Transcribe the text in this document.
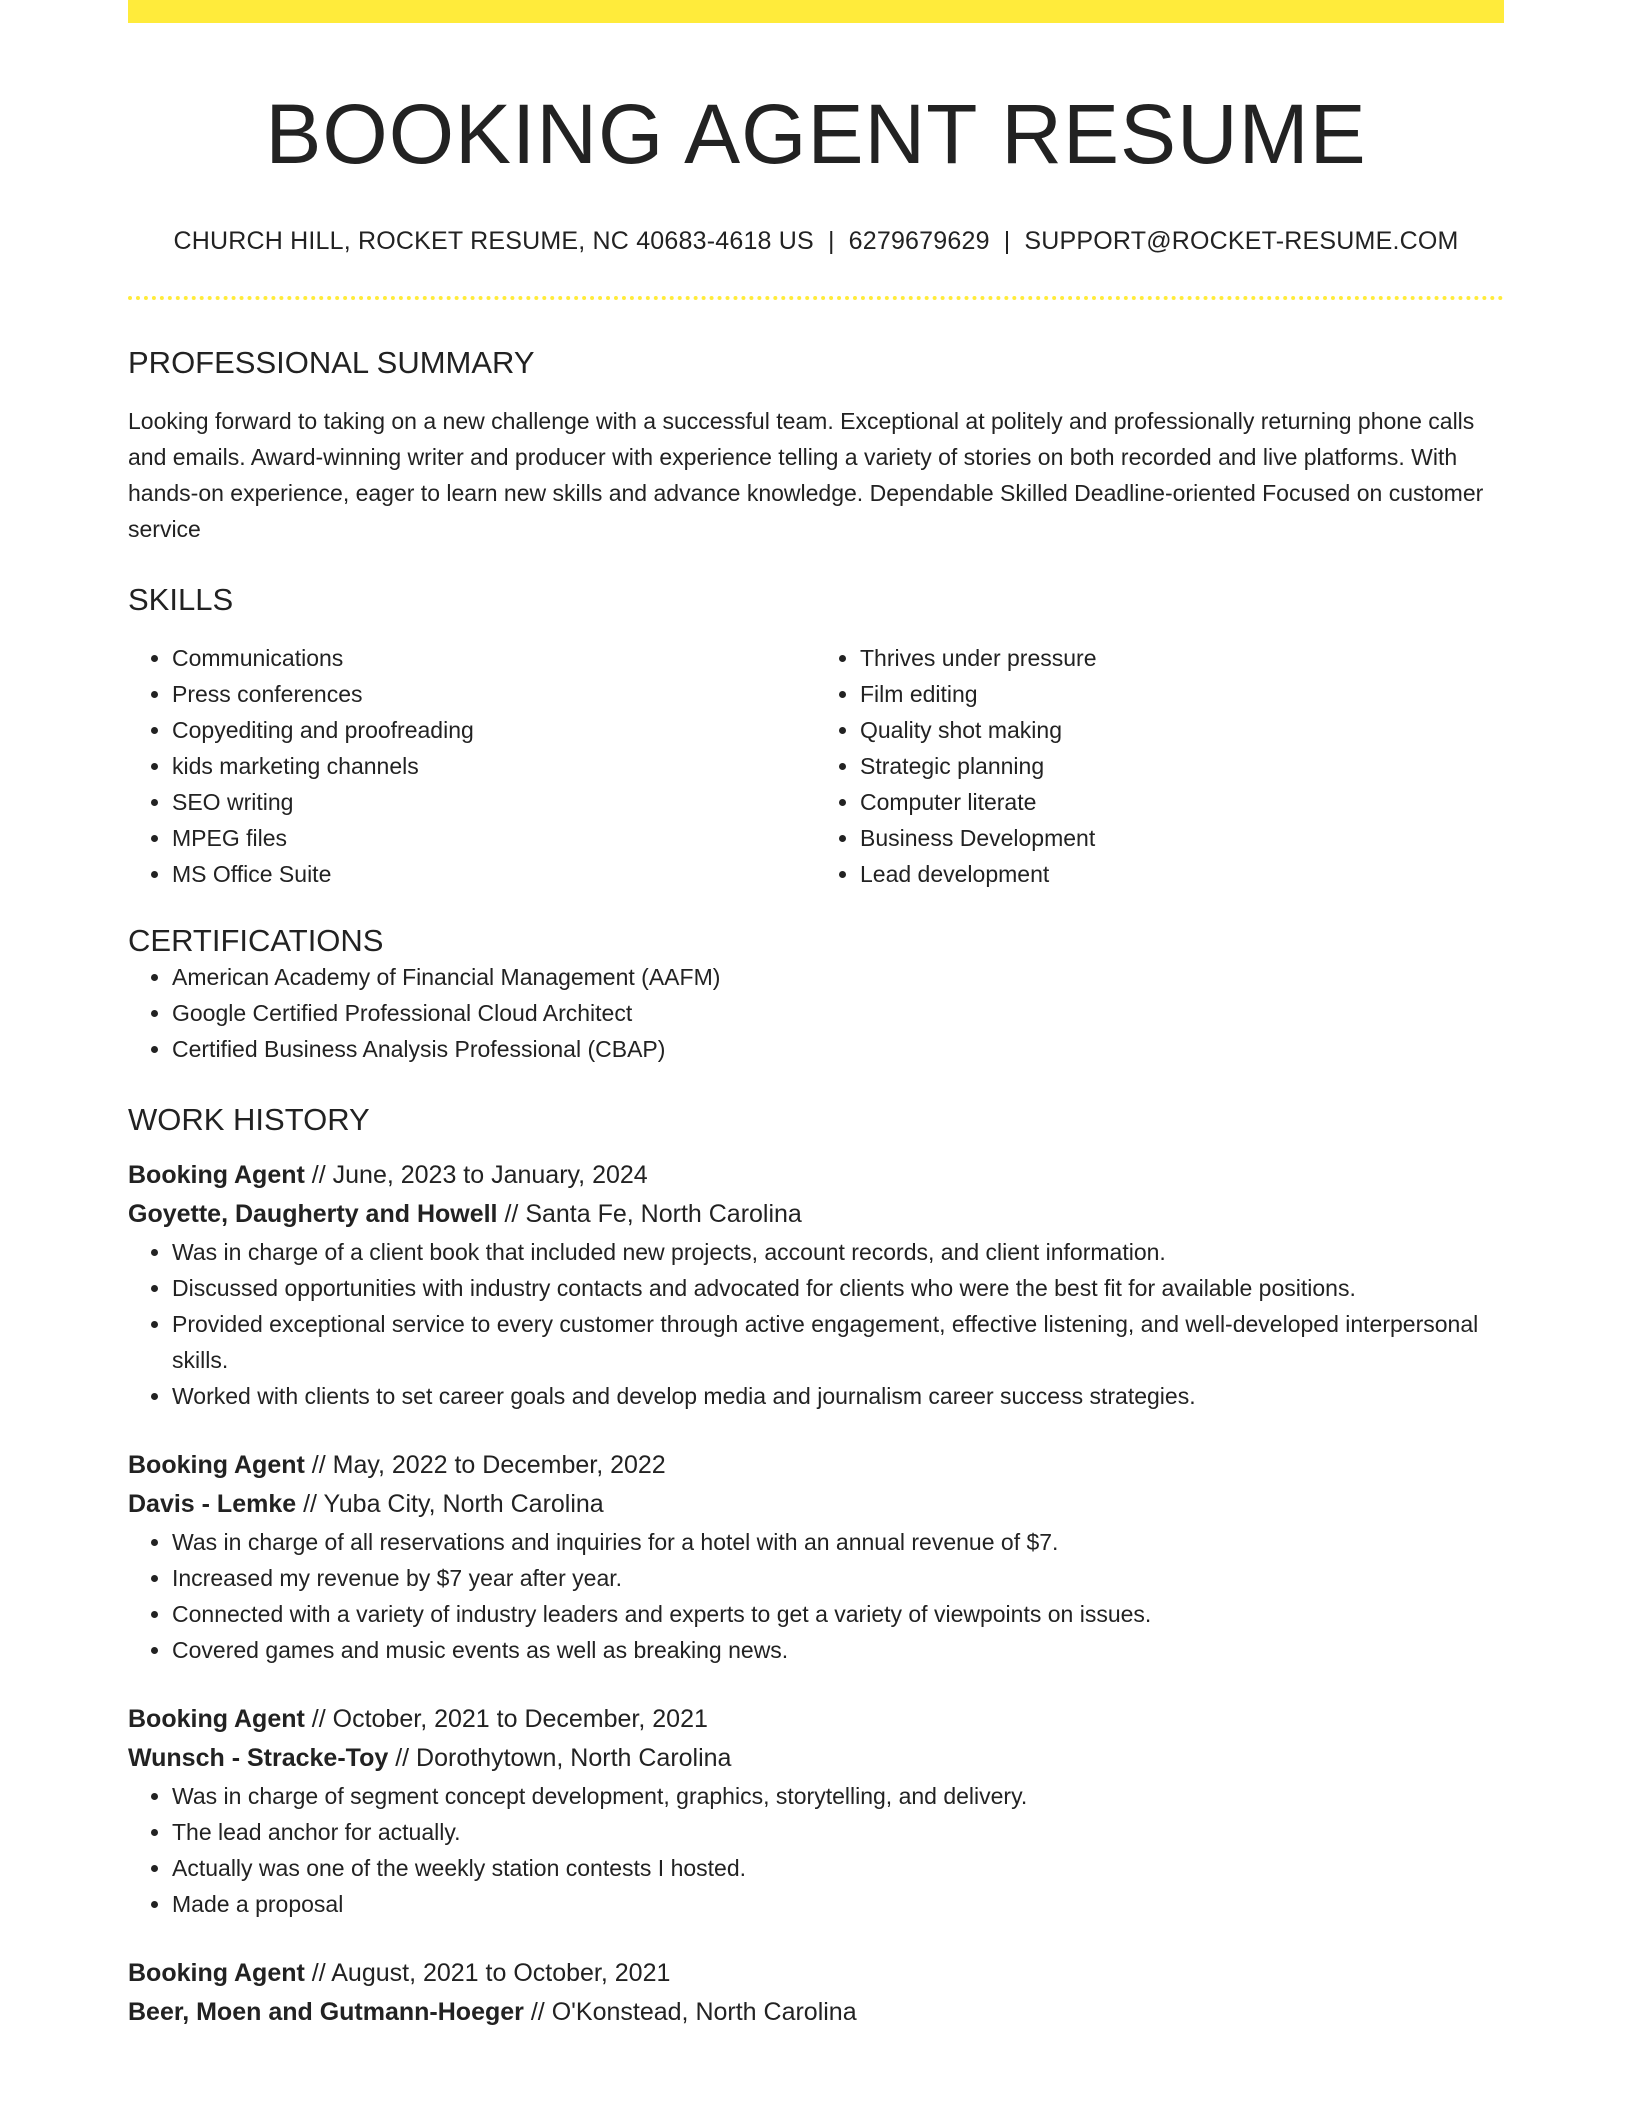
BOOKING AGENT RESUME
CHURCH HILL, ROCKET RESUME, NC 40683-4618 US | 6279679629 | SUPPORT@ROCKET-RESUME.COM
PROFESSIONAL SUMMARY

Looking forward to taking on a new challenge with a successful team. Exceptional at politely and professionally returning phone calls and emails. Award-winning writer and producer with experience telling a variety of stories on both recorded and live platforms. With hands-on experience, eager to learn new skills and advance knowledge. Dependable Skilled Deadline-oriented Focused on customer service

SKILLS
• Communications
• Press conferences
• Copyediting and proofreading
• kids marketing channels
• SEO writing
• MPEG files
• MS Office Suite
• Thrives under pressure
• Film editing
• Quality shot making
• Strategic planning
• Computer literate
• Business Development
• Lead development
CERTIFICATIONS
• American Academy of Financial Management (AAFM)
• Google Certified Professional Cloud Architect
• Certified Business Analysis Professional (CBAP)
WORK HISTORY
Booking Agent // June, 2023 to January, 2024
Goyette, Daugherty and Howell // Santa Fe, North Carolina
• Was in charge of a client book that included new projects, account records, and client information.
• Discussed opportunities with industry contacts and advocated for clients who were the best fit for available positions.
• Provided exceptional service to every customer through active engagement, effective listening, and well-developed interpersonal skills.
• Worked with clients to set career goals and develop media and journalism career success strategies.
Booking Agent // May, 2022 to December, 2022
Davis - Lemke // Yuba City, North Carolina
• Was in charge of all reservations and inquiries for a hotel with an annual revenue of $7.
• Increased my revenue by $7 year after year.
• Connected with a variety of industry leaders and experts to get a variety of viewpoints on issues.
• Covered games and music events as well as breaking news.
Booking Agent // October, 2021 to December, 2021
Wunsch - Stracke-Toy // Dorothytown, North Carolina
• Was in charge of segment concept development, graphics, storytelling, and delivery.
• The lead anchor for actually.
• Actually was one of the weekly station contests I hosted.
• Made a proposal
Booking Agent // August, 2021 to October, 2021
Beer, Moen and Gutmann-Hoeger // O'Konstead, North Carolina
